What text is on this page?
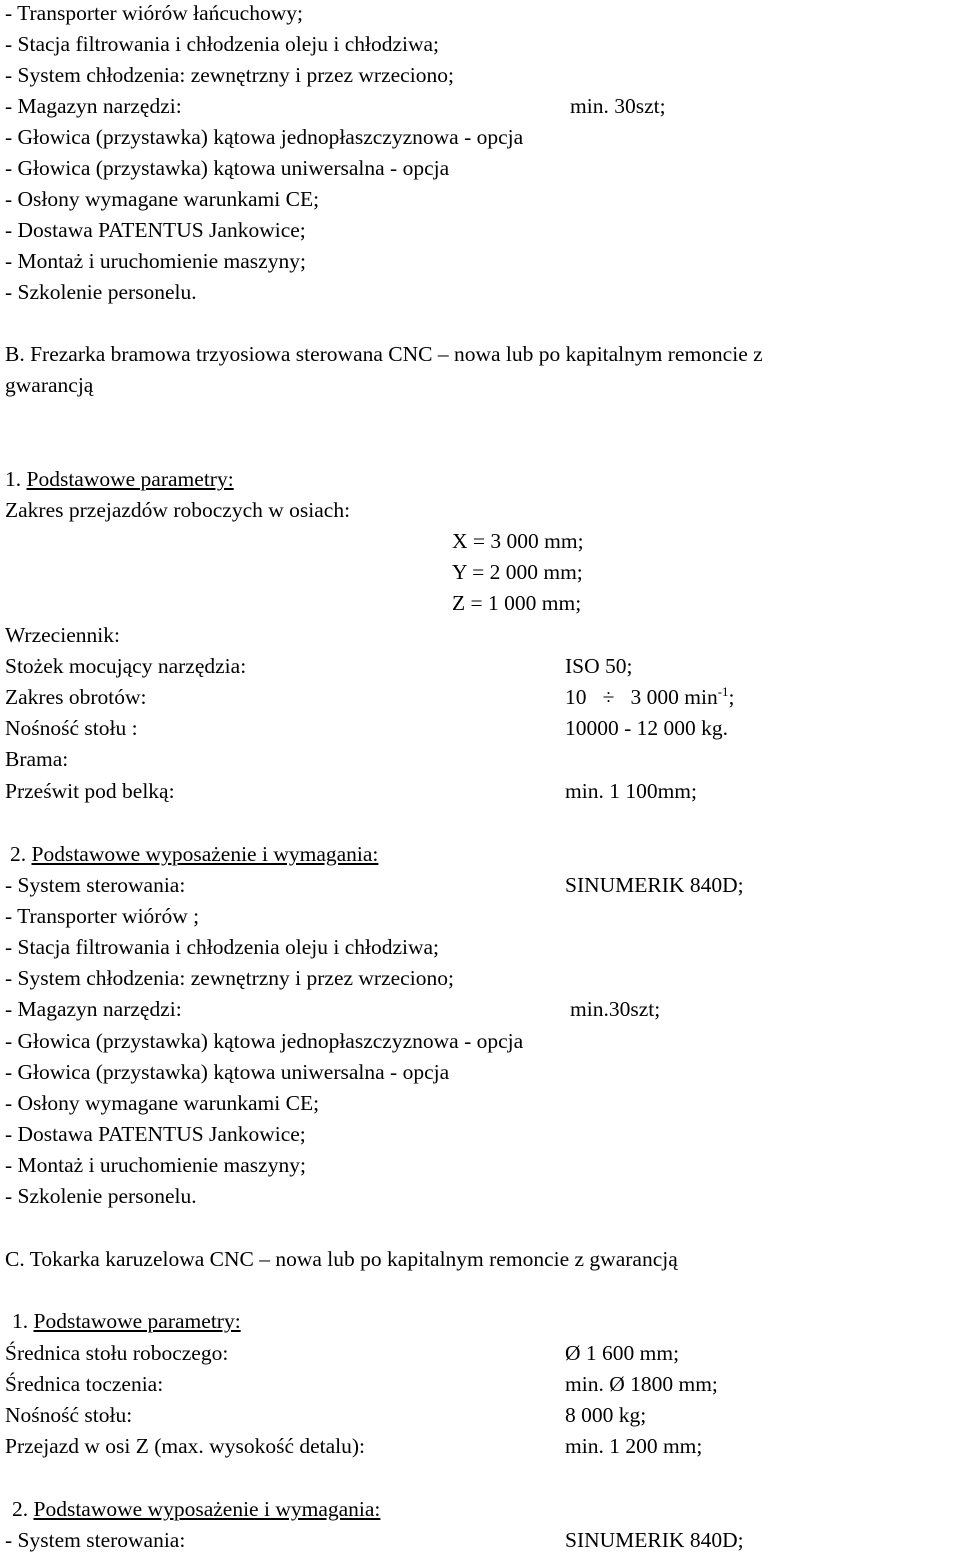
- Transporter wiórów łańcuchowy;
- Stacja filtrowania i chłodzenia oleju i chłodziwa;
- System chłodzenia: zewnętrzny i przez wrzeciono;
- Magazyn narzędzi:	min. 30szt;
- Głowica (przystawka) kątowa jednopłaszczyznowa - opcja
- Głowica (przystawka) kątowa uniwersalna - opcja
- Osłony wymagane warunkami CE;
- Dostawa PATENTUS Jankowice;
- Montaż i uruchomienie maszyny;
- Szkolenie personelu.
B. Frezarka bramowa trzyosiowa sterowana CNC – nowa lub po kapitalnym remoncie z
gwarancją
1. Podstawowe parametry:
Zakres przejazdów roboczych w osiach:
X = 3 000 mm;
Y = 2 000 mm;
Z = 1 000 mm;
Wrzeciennik:
Stożek mocujący narzędzia:	ISO 50;
Zakres obrotów:	10 ÷ 3 000 $\min^{-1}$;
Nośność stołu :	10000 - 12 000 kg.
Brama:
Prześwit pod belką:	min. 1 100mm;
2. Podstawowe wyposażenie i wymagania:
- System sterowania:	SINUMERIK 840D;
- Transporter wiórów ;
- Stacja filtrowania i chłodzenia oleju i chłodziwa;
- System chłodzenia: zewnętrzny i przez wrzeciono;
- Magazyn narzędzi:	min.30szt;
- Głowica (przystawka) kątowa jednopłaszczyznowa - opcja
- Głowica (przystawka) kątowa uniwersalna - opcja
- Osłony wymagane warunkami CE;
- Dostawa PATENTUS Jankowice;
- Montaż i uruchomienie maszyny;
- Szkolenie personelu.
C. Tokarka karuzelowa CNC – nowa lub po kapitalnym remoncie z gwarancją
1. Podstawowe parametry:
Średnica stołu roboczego:	Ø 1 600 mm;
Średnica toczenia:	min. Ø 1800 mm;
Nośność stołu:	8 000 kg;
Przejazd w osi Z (max. wysokość detalu):	min. 1 200 mm;
2. Podstawowe wyposażenie i wymagania:
- System sterowania:	SINUMERIK 840D;
